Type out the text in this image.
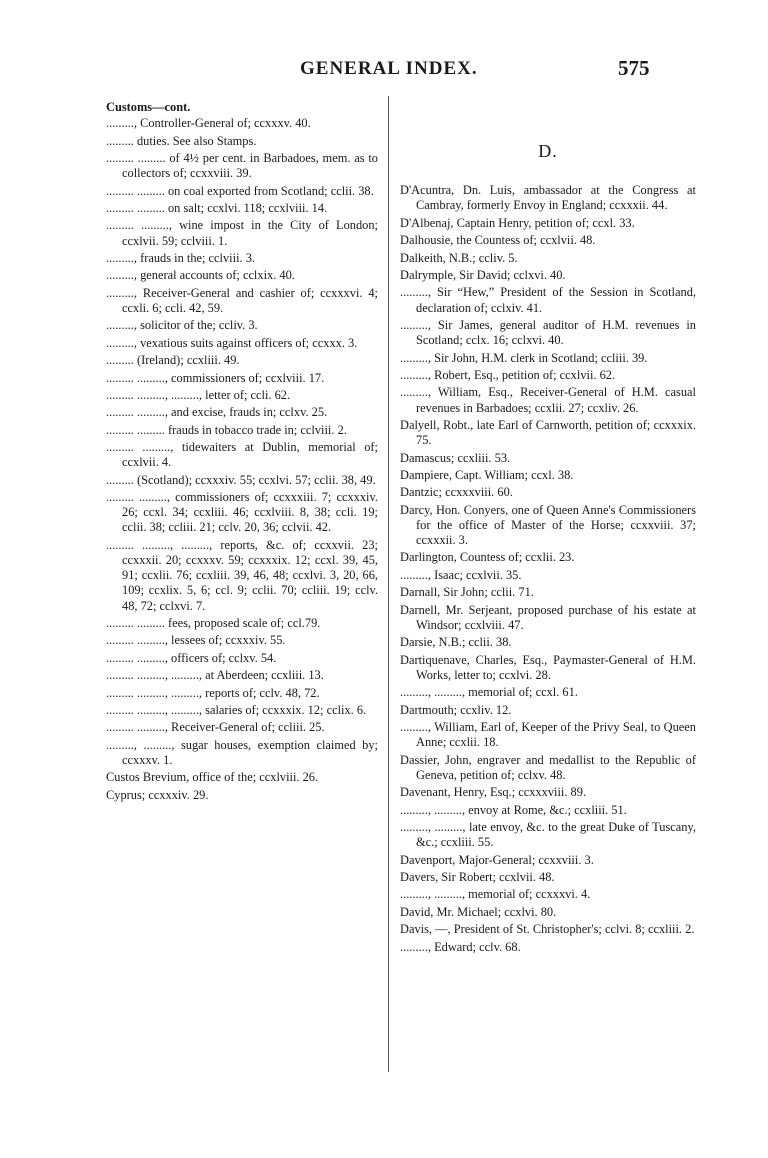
GENERAL INDEX.	575
Customs—cont.
........., Controller-General of; ccxxxv. 40.
......... duties. See also Stamps.
......... ......... of 4½ per cent. in Barbadoes, mem. as to collectors of; ccxxviii. 39.
......... ......... on coal exported from Scotland; cclii. 38.
......... ......... on salt; ccxlvi. 118; ccxlviii. 14.
......... ........., wine impost in the City of London; ccxlvii. 59; cclviii. 1.
........., frauds in the; cclviii. 3.
........., general accounts of; cclxix. 40.
........., Receiver-General and cashier of; ccxxxvi. 4; ccxli. 6; ccli. 42, 59.
........., solicitor of the; ccliv. 3.
........., vexatious suits against officers of; ccxxx. 3.
......... (Ireland); ccxliii. 49.
......... ........., commissioners of; ccxlviii. 17.
......... ........., ........., letter of; ccli. 62.
......... ........., and excise, frauds in; cclxv. 25.
......... ......... frauds in tobacco trade in; cclviii. 2.
......... ........., tidewaiters at Dublin, memorial of; ccxlvii. 4.
......... (Scotland); ccxxxiv. 55; ccxlvi. 57; cclii. 38, 49.
......... ........., commissioners of; ccxxxiii. 7; ccxxxiv. 26; ccxl. 34; ccxliii. 46; ccxlviii. 8, 38; ccli. 19; cclii. 38; ccliii. 21; cclv. 20, 36; cclvii. 42.
......... ........., ........., reports, &c. of; ccxxvii. 23; ccxxxii. 20; ccxxxv. 59; ccxxxix. 12; ccxl. 39, 45, 91; ccxlii. 76; ccxliii. 39, 46, 48; ccxlvi. 3, 20, 66, 109; ccxlix. 5, 6; ccl. 9; cclii. 70; ccliii. 19; cclv. 48, 72; cclxvi. 7.
......... ......... fees, proposed scale of; ccl.79.
......... ........., lessees of; ccxxxiv. 55.
......... ........., officers of; cclxv. 54.
......... ........., ........., at Aberdeen; ccxliii. 13.
......... ........., ........., reports of; cclv. 48, 72.
......... ........., ........., salaries of; ccxxxix. 12; cclix. 6.
......... ........., Receiver-General of; ccliii. 25.
........., ........., sugar houses, exemption claimed by; ccxxxv. 1.
Custos Brevium, office of the; ccxlviii. 26.
Cyprus; ccxxxiv. 29.
D.
D'Acuntra, Dn. Luis, ambassador at the Congress at Cambray, formerly Envoy in England; ccxxxii. 44.
D'Albenaj, Captain Henry, petition of; ccxl. 33.
Dalhousie, the Countess of; ccxlvii. 48.
Dalkeith, N.B.; ccliv. 5.
Dalrymple, Sir David; cclxvi. 40.
........., Sir “Hew,” President of the Session in Scotland, declaration of; cclxiv. 41.
........., Sir James, general auditor of H.M. revenues in Scotland; cclx. 16; cclxvi. 40.
........., Sir John, H.M. clerk in Scotland; ccliii. 39.
........., Robert, Esq., petition of; ccxlvii. 62.
........., William, Esq., Receiver-General of H.M. casual revenues in Barbadoes; ccxlii. 27; ccxliv. 26.
Dalyell, Robt., late Earl of Carnworth, petition of; ccxxxix. 75.
Damascus; ccxliii. 53.
Dampiere, Capt. William; ccxl. 38.
Dantzic; ccxxxviii. 60.
Darcy, Hon. Conyers, one of Queen Anne's Commissioners for the office of Master of the Horse; ccxxviii. 37; ccxxxii. 3.
Darlington, Countess of; ccxlii. 23.
........., Isaac; ccxlvii. 35.
Darnall, Sir John; cclii. 71.
Darnell, Mr. Serjeant, proposed purchase of his estate at Windsor; ccxlviii. 47.
Darsie, N.B.; cclii. 38.
Dartiquenave, Charles, Esq., Paymaster-General of H.M. Works, letter to; ccxlvi. 28.
........., ........., memorial of; ccxl. 61.
Dartmouth; ccxliv. 12.
........., William, Earl of, Keeper of the Privy Seal, to Queen Anne; ccxlii. 18.
Dassier, John, engraver and medallist to the Republic of Geneva, petition of; cclxv. 48.
Davenant, Henry, Esq.; ccxxxviii. 89.
........., ........., envoy at Rome, &c.; ccxliii. 51.
........., ........., late envoy, &c. to the great Duke of Tuscany, &c.; ccxliii. 55.
Davenport, Major-General; ccxxviii. 3.
Davers, Sir Robert; ccxlvii. 48.
........., ........., memorial of; ccxxxvi. 4.
David, Mr. Michael; ccxlvi. 80.
Davis, —, President of St. Christopher's; cclvi. 8; ccxliii. 2.
........., Edward; cclv. 68.
